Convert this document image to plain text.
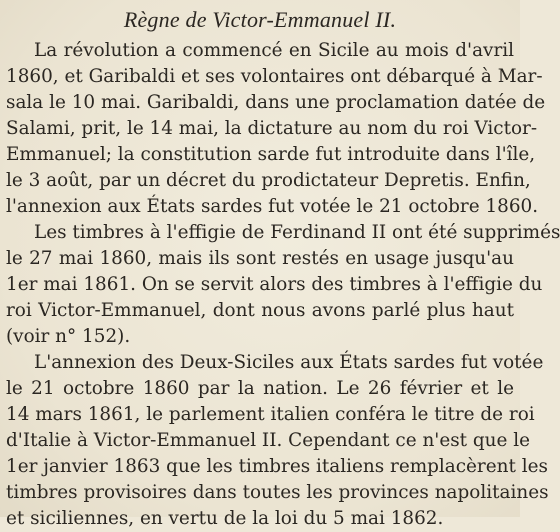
Règne de Victor-Emmanuel II.

La révolution a commencé en Sicile au mois d'avril

1860, et Garibaldi et ses volontaires ont débarqué à Mar-

sala le 10 mai. Garibaldi, dans une proclamation datée de

Salami, prit, le 14 mai, la dictature au nom du roi Victor-

Emmanuel; la constitution sarde fut introduite dans l'île,

le 3 août, par un décret du prodictateur Depretis. Enfin,

l'annexion aux États sardes fut votée le 21 octobre 1860.

Les timbres à l'effigie de Ferdinand II ont été supprimés

le 27 mai 1860, mais ils sont restés en usage jusqu'au

1er mai 1861. On se servit alors des timbres à l'effigie du

roi Victor-Emmanuel, dont nous avons parlé plus haut

(voir n° 152).

L'annexion des Deux-Siciles aux États sardes fut votée

le 21 octobre 1860 par la nation. Le 26 février et le

14 mars 1861, le parlement italien conféra le titre de roi

d'Italie à Victor-Emmanuel II. Cependant ce n'est que le

1er janvier 1863 que les timbres italiens remplacèrent les

timbres provisoires dans toutes les provinces napolitaines

et siciliennes, en vertu de la loi du 5 mai 1862.
